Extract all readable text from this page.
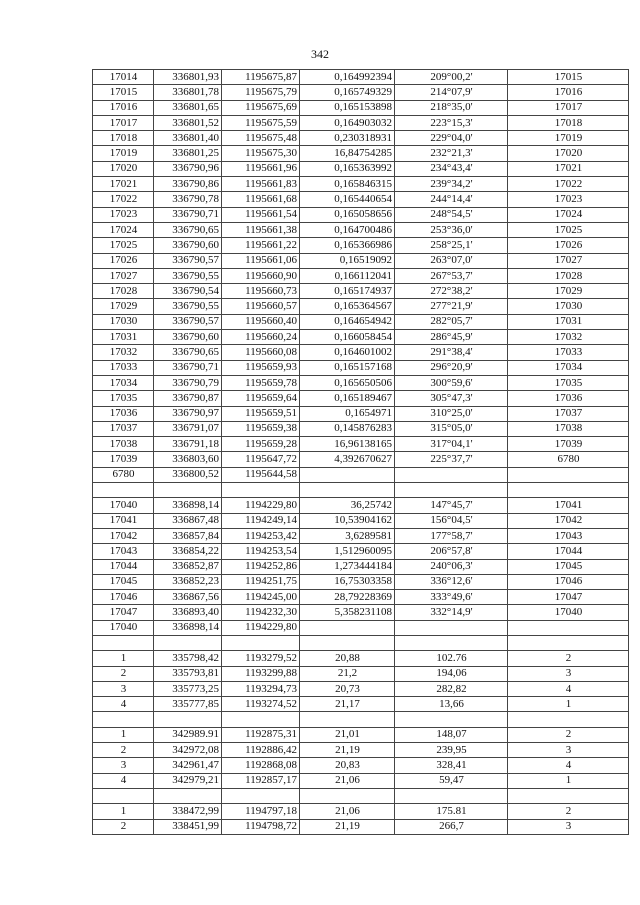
342
17014	336801,93	1195675,87	0,164992394	209°00,2'	17015
17015	336801,78	1195675,79	0,165749329	214°07,9'	17016
17016	336801,65	1195675,69	0,165153898	218°35,0'	17017
17017	336801,52	1195675,59	0,164903032	223°15,3'	17018
17018	336801,40	1195675,48	0,230318931	229°04,0'	17019
17019	336801,25	1195675,30	16,84754285	232°21,3'	17020
17020	336790,96	1195661,96	0,165363992	234°43,4'	17021
17021	336790,86	1195661,83	0,165846315	239°34,2'	17022
17022	336790,78	1195661,68	0,165440654	244°14,4'	17023
17023	336790,71	1195661,54	0,165058656	248°54,5'	17024
17024	336790,65	1195661,38	0,164700486	253°36,0'	17025
17025	336790,60	1195661,22	0,165366986	258°25,1'	17026
17026	336790,57	1195661,06	0,16519092	263°07,0'	17027
17027	336790,55	1195660,90	0,166112041	267°53,7'	17028
17028	336790,54	1195660,73	0,165174937	272°38,2'	17029
17029	336790,55	1195660,57	0,165364567	277°21,9'	17030
17030	336790,57	1195660,40	0,164654942	282°05,7'	17031
17031	336790,60	1195660,24	0,166058454	286°45,9'	17032
17032	336790,65	1195660,08	0,164601002	291°38,4'	17033
17033	336790,71	1195659,93	0,165157168	296°20,9'	17034
17034	336790,79	1195659,78	0,165650506	300°59,6'	17035
17035	336790,87	1195659,64	0,165189467	305°47,3'	17036
17036	336790,97	1195659,51	0,1654971	310°25,0'	17037
17037	336791,07	1195659,38	0,145876283	315°05,0'	17038
17038	336791,18	1195659,28	16,96138165	317°04,1'	17039
17039	336803,60	1195647,72	4,392670627	225°37,7'	6780
6780	336800,52	1195644,58			

17040	336898,14	1194229,80	36,25742	147°45,7'	17041
17041	336867,48	1194249,14	10,53904162	156°04,5'	17042
17042	336857,84	1194253,42	3,6289581	177°58,7'	17043
17043	336854,22	1194253,54	1,512960095	206°57,8'	17044
17044	336852,87	1194252,86	1,273444184	240°06,3'	17045
17045	336852,23	1194251,75	16,75303358	336°12,6'	17046
17046	336867,56	1194245,00	28,79228369	333°49,6'	17047
17047	336893,40	1194232,30	5,358231108	332°14,9'	17040
17040	336898,14	1194229,80			

1	335798,42	1193279,52	20,88	102.76	2
2	335793,81	1193299,88	21,2	194,06	3
3	335773,25	1193294,73	20,73	282,82	4
4	335777,85	1193274,52	21,17	13,66	1

1	342989.91	1192875,31	21,01	148,07	2
2	342972,08	1192886,42	21,19	239,95	3
3	342961,47	1192868,08	20,83	328,41	4
4	342979,21	1192857,17	21,06	59,47	1

1	338472,99	1194797,18	21,06	175.81	2
2	338451,99	1194798,72	21,19	266,7	3
